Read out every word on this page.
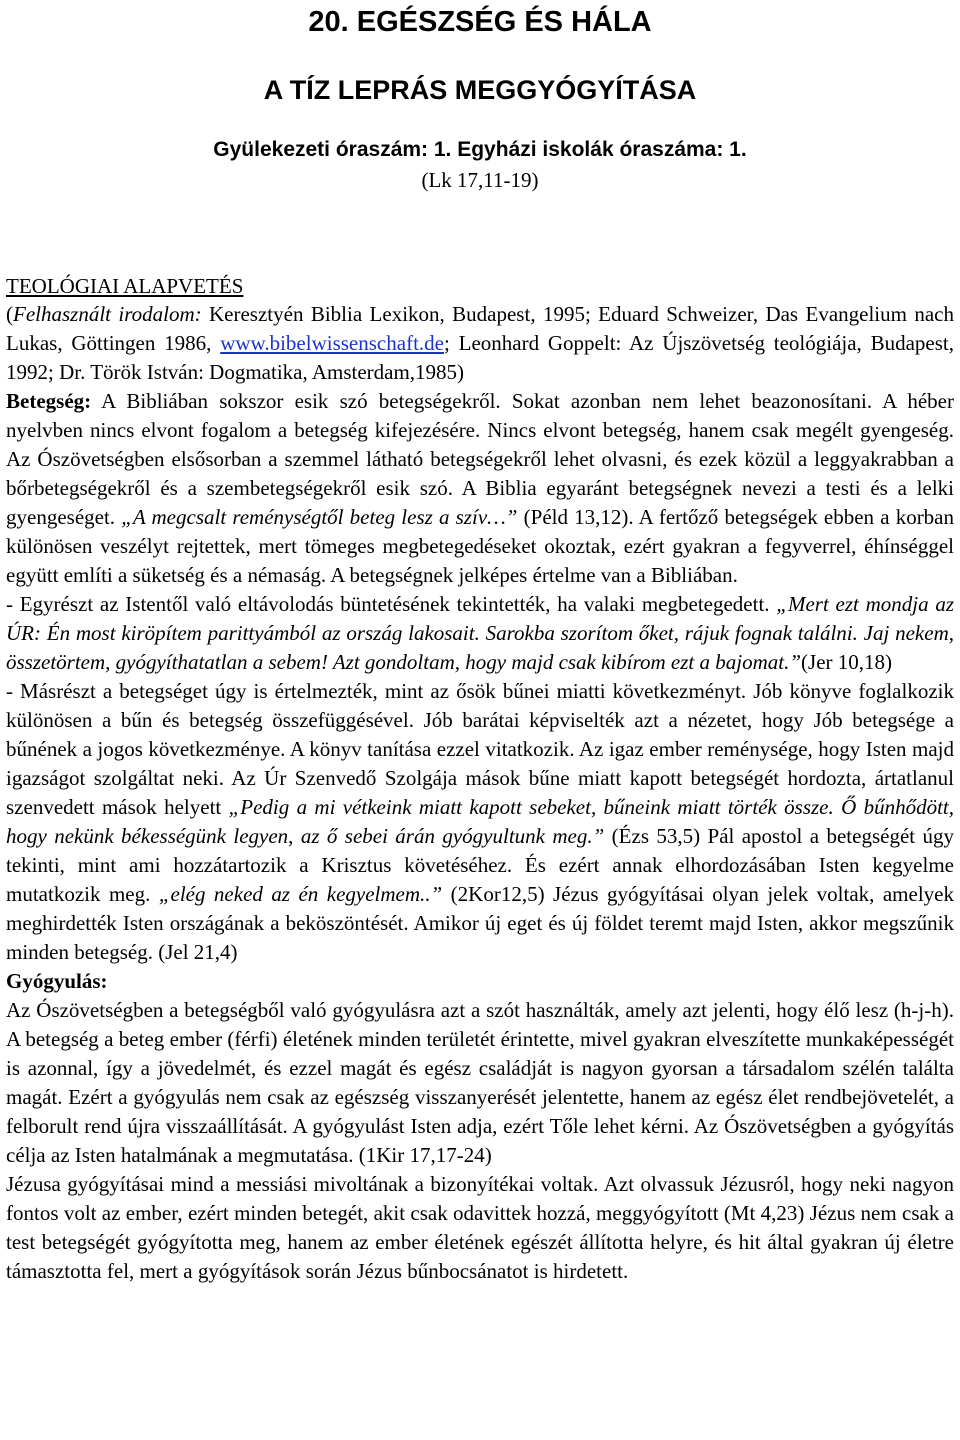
20. EGÉSZSÉG ÉS HÁLA
A TÍZ LEPRÁS MEGGYÓGYÍTÁSA
Gyülekezeti óraszám: 1. Egyházi iskolák óraszáma: 1.
(Lk 17,11-19)
TEOLÓGIAI ALAPVETÉS

(Felhasznált irodalom: Keresztyén Biblia Lexikon, Budapest, 1995; Eduard Schweizer, Das Evangelium nach Lukas, Göttingen 1986, www.bibelwissenschaft.de; Leonhard Goppelt: Az Újszövetség teológiája, Budapest, 1992; Dr. Török István: Dogmatika, Amsterdam,1985)

Betegség: A Bibliában sokszor esik szó betegségekről. Sokat azonban nem lehet beazonosítani. A héber nyelvben nincs elvont fogalom a betegség kifejezésére. Nincs elvont betegség, hanem csak megélt gyengeség. Az Ószövetségben elsősorban a szemmel látható betegségekről lehet olvasni, és ezek közül a leggyakrabban a bőrbetegségekről és a szembetegségekről esik szó. A Biblia egyaránt betegségnek nevezi a testi és a lelki gyengeséget. „A megcsalt reménységtől beteg lesz a szív…” (Péld 13,12). A fertőző betegségek ebben a korban különösen veszélyt rejtettek, mert tömeges megbetegedéseket okoztak, ezért gyakran a fegyverrel, éhínséggel együtt említi a süketség és a némaság. A betegségnek jelképes értelme van a Bibliában.

- Egyrészt az Istentől való eltávolodás büntetésének tekintették, ha valaki megbetegedett. „Mert ezt mondja az ÚR: Én most kiröpítem parittyámból az ország lakosait. Sarokba szorítom őket, rájuk fognak találni. Jaj nekem, összetörtem, gyógyíthatatlan a sebem! Azt gondoltam, hogy majd csak kibírom ezt a bajomat.”(Jer 10,18)

- Másrészt a betegséget úgy is értelmezték, mint az ősök bűnei miatti következményt. Jób könyve foglalkozik különösen a bűn és betegség összefüggésével. Jób barátai képviselték azt a nézetet, hogy Jób betegsége a bűnének a jogos következménye. A könyv tanítása ezzel vitatkozik. Az igaz ember reménysége, hogy Isten majd igazságot szolgáltat neki. Az Úr Szenvedő Szolgája mások bűne miatt kapott betegségét hordozta, ártatlanul szenvedett mások helyett „Pedig a mi vétkeink miatt kapott sebeket, bűneink miatt törték össze. Ő bűnhődött, hogy nekünk békességünk legyen, az ő sebei árán gyógyultunk meg.” (Ézs 53,5) Pál apostol a betegségét úgy tekinti, mint ami hozzátartozik a Krisztus követéséhez. És ezért annak elhordozásában Isten kegyelme mutatkozik meg. „elég neked az én kegyelmem..” (2Kor12,5) Jézus gyógyításai olyan jelek voltak, amelyek meghirdették Isten országának a beköszöntését. Amikor új eget és új földet teremt majd Isten, akkor megszűnik minden betegség. (Jel 21,4)

Gyógyulás:

Az Ószövetségben a betegségből való gyógyulásra azt a szót használták, amely azt jelenti, hogy élő lesz (h-j-h). A betegség a beteg ember (férfi) életének minden területét érintette, mivel gyakran elveszítette munkaképességét is azonnal, így a jövedelmét, és ezzel magát és egész családját is nagyon gyorsan a társadalom szélén találta magát. Ezért a gyógyulás nem csak az egészség visszanyerését jelentette, hanem az egész élet rendbejövetelét, a felborult rend újra visszaállítását. A gyógyulást Isten adja, ezért Tőle lehet kérni. Az Ószövetségben a gyógyítás célja az Isten hatalmának a megmutatása. (1Kir 17,17-24)

Jézusa gyógyításai mind a messiási mivoltának a bizonyítékai voltak. Azt olvassuk Jézusról, hogy neki nagyon fontos volt az ember, ezért minden betegét, akit csak odavittek hozzá, meggyógyított (Mt 4,23) Jézus nem csak a test betegségét gyógyította meg, hanem az ember életének egészét állította helyre, és hit által gyakran új életre támasztotta fel, mert a gyógyítások során Jézus bűnbocsánatot is hirdetett.
